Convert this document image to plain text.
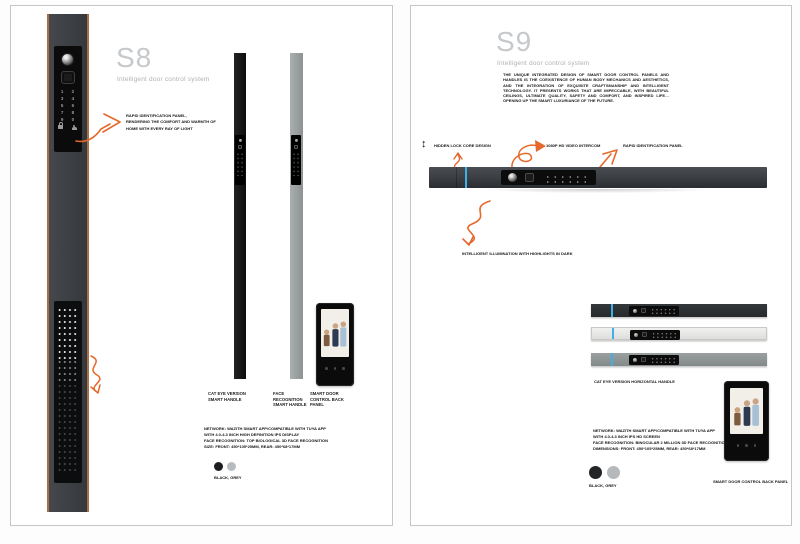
1 2
3 4
5 6
7 8
9 0
S8
Intelligent door control system
RAPID IDENTIFICATION PANEL,
RENDERING THE COMFORT AND WARMTH OF
HOME WITH EVERY RAY OF LIGHT
CAT EYE VERSION SMART HANDLE
FACE RECOGNITION SMART HANDLE
SMART DOOR CONTROL BACK PANEL
NETWORK: WAZITH SMART APP/COMPATIBLE WITH TUYA APP
WITH 4.0-4.3 INCH HIGH DEFINITION IPS DISPLAY
FACE RECOGNITION: TOP BIOLOGICAL 3D FACE RECOGNITION
SIZE: FRONT: 450*105*25MM, REAR: 450*68*17MM
BLACK, GREY
S9
Intelligent door control system
THE UNIQUE INTEGRATED DESIGN OF SMART DOOR CONTROL PANELS AND HANDLES IS THE COEXISTENCE OF HUMAN BODY MECHANICS AND AESTHETICS, AND THE INTEGRATION OF EXQUISITE CRAFTSMANSHIP AND INTELLIGENT TECHNOLOGY. IT PRESENTS WORKS THAT ARE IMPECCABLE, WITH BEAUTIFUL CEILINGS, ULTIMATE QUALITY, SAFETY AND COMFORT, AND INSPIRED LIFE… OPENING UP THE SMART LUXURIANCE OF THE FUTURE.
↕ HIDDEN LOCK CORE DESIGN	1080P HD VIDEO INTERCOM	RAPID IDENTIFICATION PANEL
INTELLIGENT ILLUMINATION WITH HIGHLIGHTS IN DARK
CAT EYE VERSION HORIZONTAL HANDLE
SMART DOOR CONTROL BACK PANEL
NETWORK: WAZITH SMART APP/COMPATIBLE WITH TUYA APP
WITH 4.0-4.3 INCH IPS HD SCREEN
FACE RECOGNITION: BINOCULAR 2 MILLION 3D FACE RECOGNITION
DIMENSIONS: FRONT: 450*105*25MM, REAR: 450*68*17MM
BLACK, GREY
